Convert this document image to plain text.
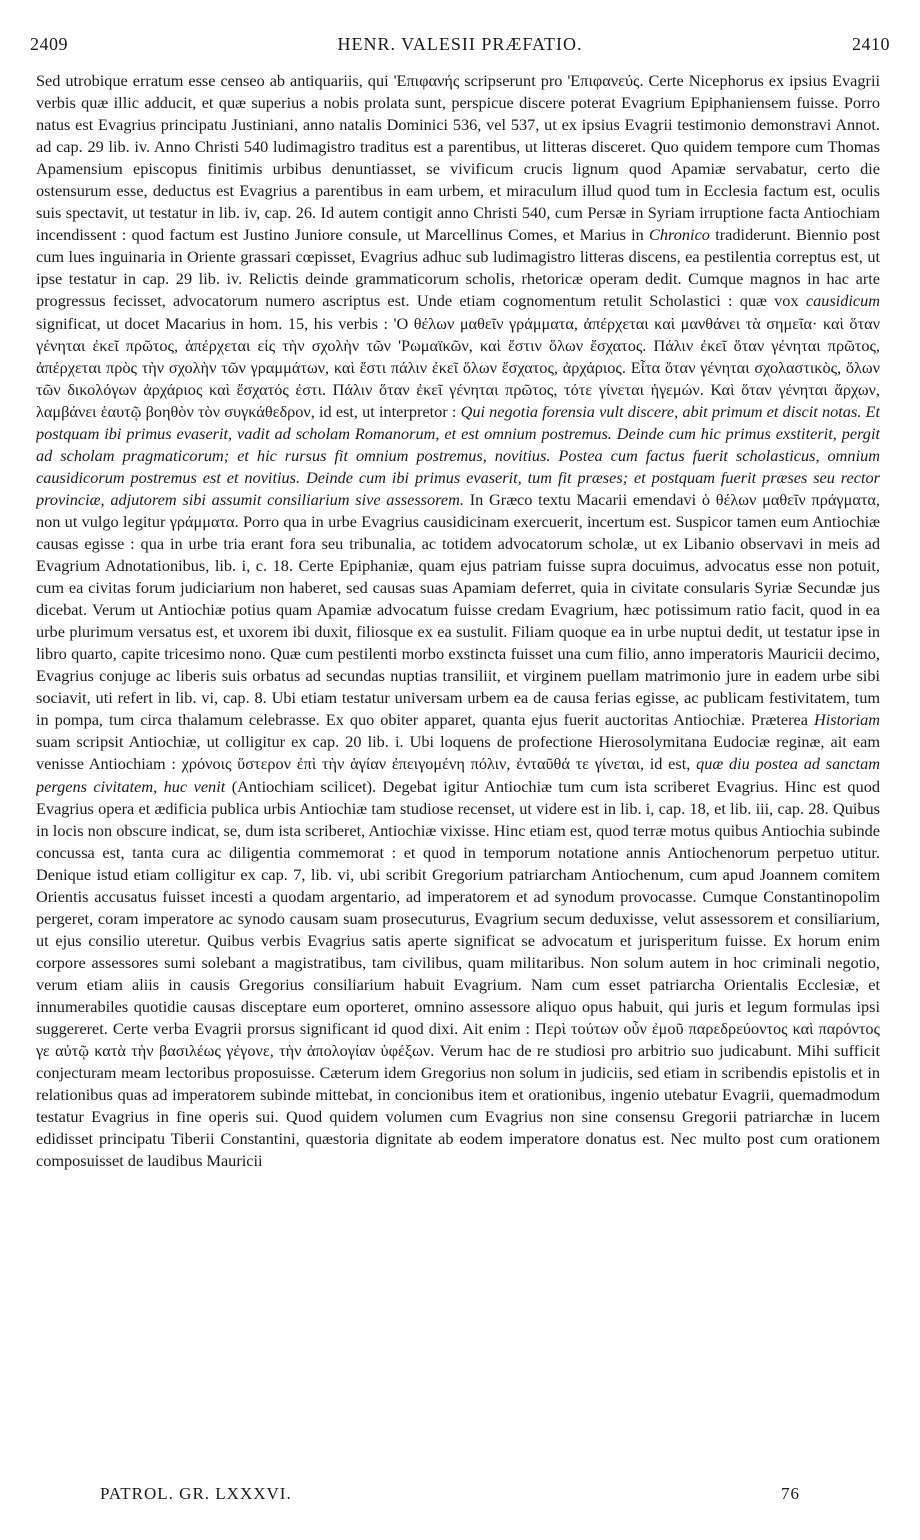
2409	HENR. VALESII PRÆFATIO.	2410
Sed utrobique erratum esse censeo ab antiquariis, qui 'Επιφανής scripserunt pro 'Επιφανεύς. Certe Nicephorus ex ipsius Evagrii verbis quæ illic adducit, et quæ superius a nobis prolata sunt, perspicue discere poterat Evagrium Epiphaniensem fuisse. Porro natus est Evagrius principatu Justiniani, anno natalis Dominici 536, vel 537, ut ex ipsius Evagrii testimonio demonstravi Annot. ad cap. 29 lib. iv. Anno Christi 540 ludimagistro traditus est a parentibus, ut litteras disceret. Quo quidem tempore cum Thomas Apamensium episcopus finitimis urbibus denuntiasset, se vivificum crucis lignum quod Apamiæ servabatur, certo die ostensurum esse, deductus est Evagrius a parentibus in eam urbem, et miraculum illud quod tum in Ecclesia factum est, oculis suis spectavit, ut testatur in lib. iv, cap. 26. Id autem contigit anno Christi 540, cum Persæ in Syriam irruptione facta Antiochiam incendissent : quod factum est Justino Juniore consule, ut Marcellinus Comes, et Marius in Chronico tradiderunt. Biennio post cum lues inguinaria in Oriente grassari cœpisset, Evagrius adhuc sub ludimagistro litteras discens, ea pestilentia correptus est, ut ipse testatur in cap. 29 lib. iv. Relictis deinde grammaticorum scholis, rhetoricæ operam dedit. Cumque magnos in hac arte progressus fecisset, advocatorum numero ascriptus est. Unde etiam cognomentum retulit Scholastici : quæ vox causidicum significat, ut docet Macarius in hom. 15, his verbis : 'Ο θέλων μαθεῖν γράμματα, ἀπέρχεται καὶ μανθάνει τὰ σημεῖα· καὶ ὅταν γένηται ἐκεῖ πρῶτος, ἀπέρχεται εἰς τὴν σχολὴν τῶν 'Ρωμαϊκῶν, καὶ ἔστιν ὅλων ἔσχατος. Πάλιν ἐκεῖ ὅταν γένηται πρῶτος, ἀπέρχεται πρὸς τὴν σχολὴν τῶν γραμμάτων, καὶ ἔστι πάλιν ἐκεῖ ὅλων ἔσχατος, ἀρχάριος. Εἶτα ὅταν γένηται σχολαστικὸς, ὅλων τῶν δικολόγων ἀρχάριος καὶ ἔσχατός ἐστι. Πάλιν ὅταν ἐκεῖ γένηται πρῶτος, τότε γίνεται ἡγεμών. Καὶ ὅταν γένηται ἄρχων, λαμβάνει ἑαυτῷ βοηθὸν τὸν συγκάθεδρον, id est, ut interpretor : Qui negotia forensia vult discere, abit primum et discit notas. Et postquam ibi primus evaserit, vadit ad scholam Romanorum, et est omnium postremus. Deinde cum hic primus exstiterit, pergit ad scholam pragmaticorum; et hic rursus fit omnium postremus, novitius. Postea cum factus fuerit scholasticus, omnium causidicorum postremus est et novitius. Deinde cum ibi primus evaserit, tum fit præses; et postquam fuerit præses seu rector provinciæ, adjutorem sibi assumit consiliarium sive assessorem. In Græco textu Macarii emendavi ὁ θέλων μαθεῖν πράγματα, non ut vulgo legitur γράμματα. Porro qua in urbe Evagrius causidicinam exercuerit, incertum est. Suspicor tamen eum Antiochiæ causas egisse : qua in urbe tria erant fora seu tribunalia, ac totidem advocatorum scholæ, ut ex Libanio observavi in meis ad Evagrium Adnotationibus, lib. i, c. 18. Certe Epiphaniæ, quam ejus patriam fuisse supra docuimus, advocatus esse non potuit, cum ea civitas forum judiciarium non haberet, sed causas suas Apamiam deferret, quia in civitate consularis Syriæ Secundæ jus dicebat. Verum ut Antiochiæ potius quam Apamiæ advocatum fuisse credam Evagrium, hæc potissimum ratio facit, quod in ea urbe plurimum versatus est, et uxorem ibi duxit, filiosque ex ea sustulit. Filiam quoque ea in urbe nuptui dedit, ut testatur ipse in libro quarto, capite tricesimo nono. Quæ cum pestilenti morbo exstincta fuisset una cum filio, anno imperatoris Mauricii decimo, Evagrius conjuge ac liberis suis orbatus ad secundas nuptias transiliit, et virginem puellam matrimonio jure in eadem urbe sibi sociavit, uti refert in lib. vi, cap. 8. Ubi etiam testatur universam urbem ea de causa ferias egisse, ac publicam festivitatem, tum in pompa, tum circa thalamum celebrasse. Ex quo obiter apparet, quanta ejus fuerit auctoritas Antiochiæ. Præterea Historiam suam scripsit Antiochiæ, ut colligitur ex cap. 20 lib. i. Ubi loquens de profectione Hierosolymitana Eudociæ reginæ, ait eam venisse Antiochiam : χρόνοις ὕστερον ἐπὶ τὴν ἁγίαν ἐπειγομένη πόλιν, ἐνταῦθά τε γίνεται, id est, quæ diu postea ad sanctam pergens civitatem, huc venit (Antiochiam scilicet). Degebat igitur Antiochiæ tum cum ista scriberet Evagrius. Hinc est quod Evagrius opera et ædificia publica urbis Antiochiæ tam studiose recenset, ut videre est in lib. i, cap. 18, et lib. iii, cap. 28. Quibus in locis non obscure indicat, se, dum ista scriberet, Antiochiæ vixisse. Hinc etiam est, quod terræ motus quibus Antiochia subinde concussa est, tanta cura ac diligentia commemorat : et quod in temporum notatione annis Antiochenorum perpetuo utitur. Denique istud etiam colligitur ex cap. 7, lib. vi, ubi scribit Gregorium patriarcham Antiochenum, cum apud Joannem comitem Orientis accusatus fuisset incesti a quodam argentario, ad imperatorem et ad synodum provocasse. Cumque Constantinopolim pergeret, coram imperatore ac synodo causam suam prosecuturus, Evagrium secum deduxisse, velut assessorem et consiliarium, ut ejus consilio uteretur. Quibus verbis Evagrius satis aperte significat se advocatum et jurisperitum fuisse. Ex horum enim corpore assessores sumi solebant a magistratibus, tam civilibus, quam militaribus. Non solum autem in hoc criminali negotio, verum etiam aliis in causis Gregorius consiliarium habuit Evagrium. Nam cum esset patriarcha Orientalis Ecclesiæ, et innumerabiles quotidie causas disceptare eum oporteret, omnino assessore aliquo opus habuit, qui juris et legum formulas ipsi suggereret. Certe verba Evagrii prorsus significant id quod dixi. Ait enim : Περὶ τούτων οὖν ἐμοῦ παρεδρεύοντος καὶ παρόντος γε αὐτῷ κατὰ τὴν βασιλέως γέγονε, τὴν ἀπολογίαν ὑφέξων. Verum hac de re studiosi pro arbitrio suo judicabunt. Mihi sufficit conjecturam meam lectoribus proposuisse. Cæterum idem Gregorius non solum in judiciis, sed etiam in scribendis epistolis et in relationibus quas ad imperatorem subinde mittebat, in concionibus item et orationibus, ingenio utebatur Evagrii, quemadmodum testatur Evagrius in fine operis sui. Quod quidem volumen cum Evagrius non sine consensu Gregorii patriarchæ in lucem edidisset principatu Tiberii Constantini, quæstoria dignitate ab eodem imperatore donatus est. Nec multo post cum orationem composuisset de laudibus Mauricii
PATROL. GR. LXXXVI.	76
